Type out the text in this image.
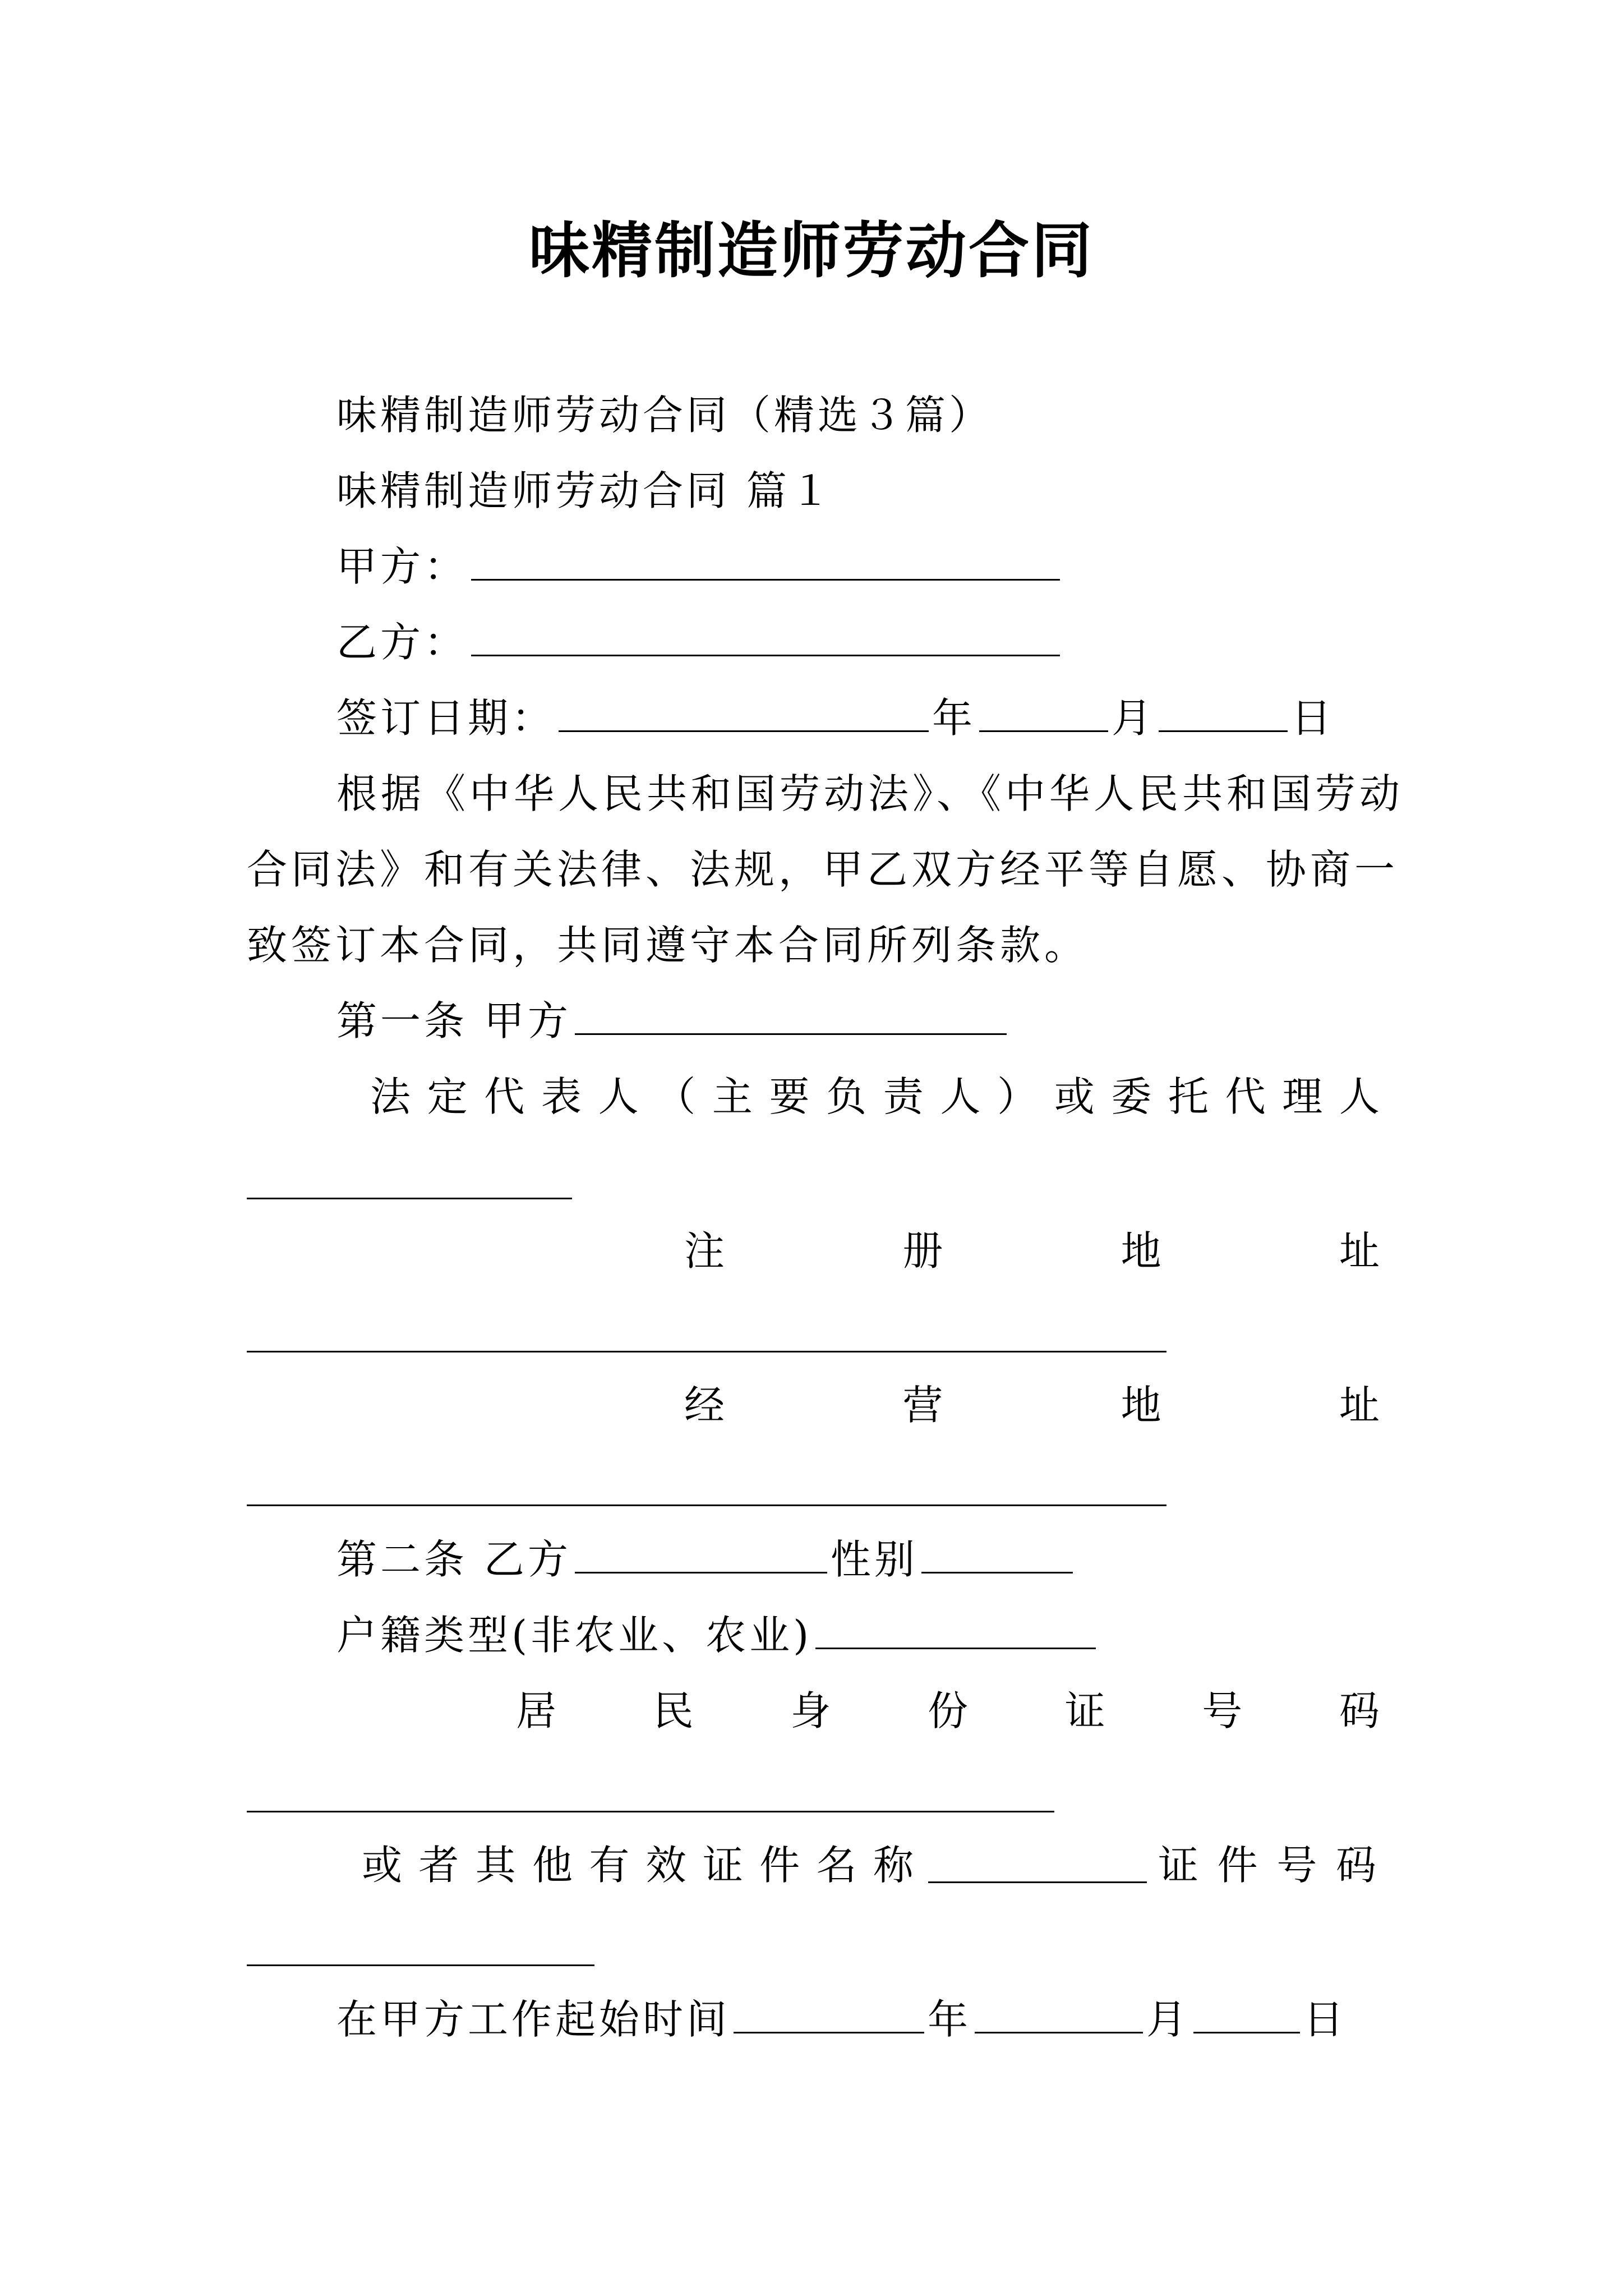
味精制造师劳动合同
味精制造师劳动合同（精选３篇）
味精制造师劳动合同 篇１
甲方：
乙方：
签订日期：	年	月	日
根据《中华人民共和国劳动法》、《中华人民共和国劳动
合同法》和有关法律、法规，甲乙双方经平等自愿、协商一
致签订本合同，共同遵守本合同所列条款。
第一条 甲方
法 定 代 表 人 （ 主 要 负 责 人 ） 或 委 托 代 理 人
注	册	地	址
经	营	地	址
第二条 乙方	性别
户籍类型(非农业、农业)
居 民 身 份 证 号 码
或 者 其 他 有 效 证 件 名 称	证 件 号 码
在甲方工作起始时间	年	月	日
